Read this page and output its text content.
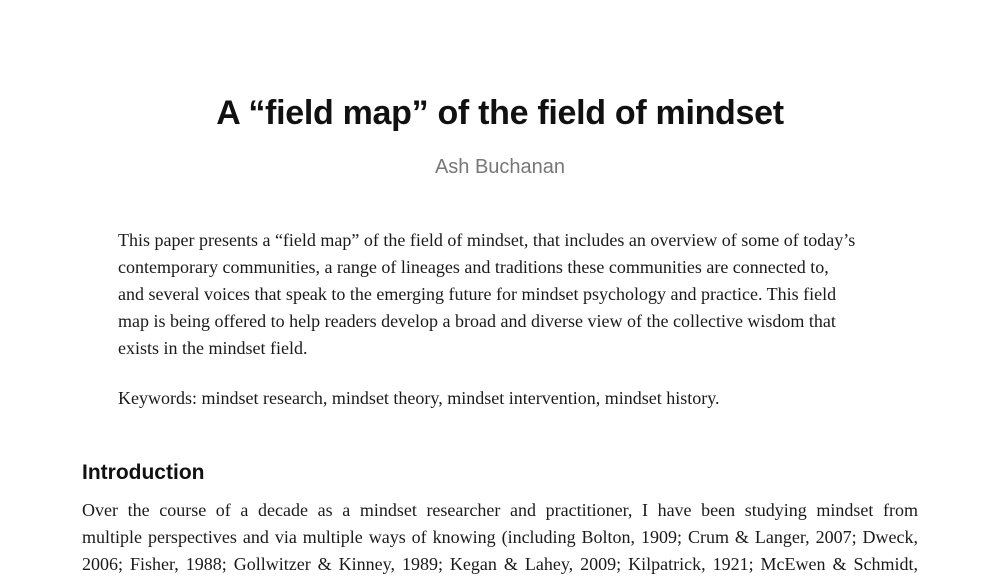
A “field map” of the field of mindset

Ash Buchanan

This paper presents a “field map” of the field of mindset, that includes an overview of some of today’s
contemporary communities, a range of lineages and traditions these communities are connected to,
and several voices that speak to the emerging future for mindset psychology and practice. This field
map is being offered to help readers develop a broad and diverse view of the collective wisdom that
exists in the mindset field.

Keywords: mindset research, mindset theory, mindset intervention, mindset history.

Introduction
Over the course of a decade as a mindset researcher and practitioner, I have been studying mindset from
multiple perspectives and via multiple ways of knowing (including Bolton, 1909; Crum & Langer, 2007; Dweck,
2006; Fisher, 1988; Gollwitzer & Kinney, 1989; Kegan & Lahey, 2009; Kilpatrick, 1921; McEwen & Schmidt,
